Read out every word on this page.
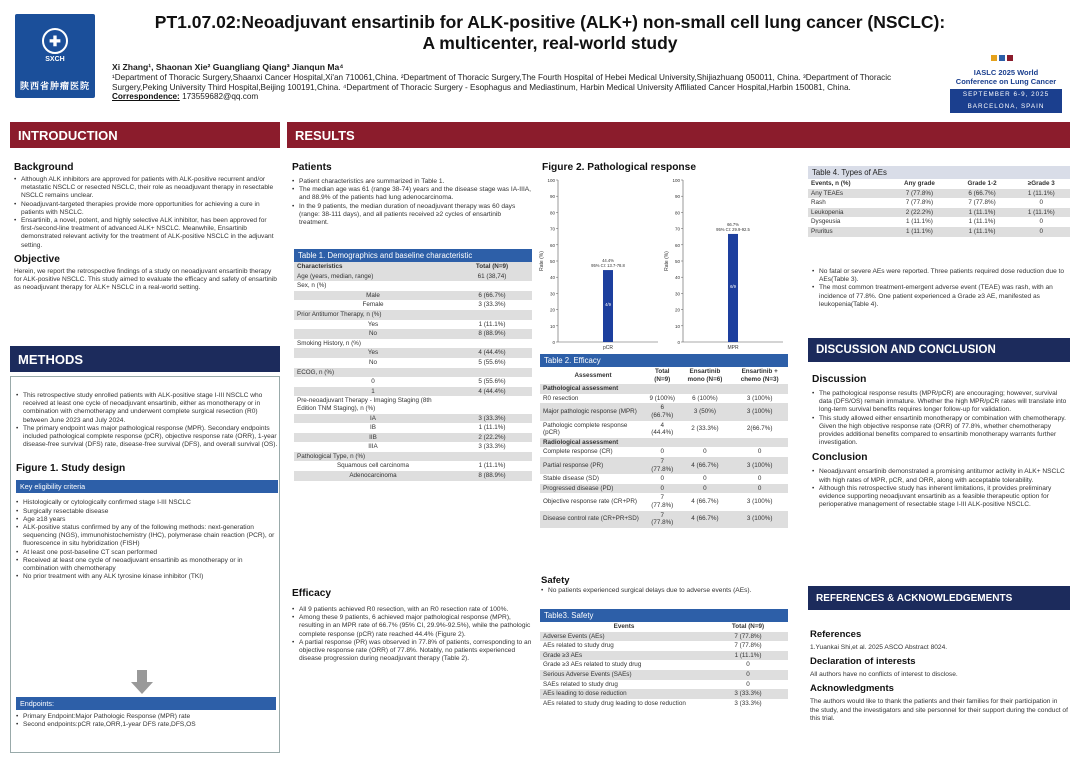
✚
SXCH
陕西省肿瘤医院
PT1.07.02:Neoadjuvant ensartinib for ALK-positive (ALK+) non-small cell lung cancer (NSCLC): A multicenter, real-world study
Xi Zhang¹, Shaonan Xie² Guangliang Qiang³ Jianqun Ma⁴
¹Department of Thoracic Surgery,Shaanxi Cancer Hospital,Xi'an 710061,China. ²Department of Thoracic Surgery,The Fourth Hospital of Hebei Medical University,Shijiazhuang 050011, China. ³Department of Thoracic Surgery,Peking University Third Hospital,Beijing 100191,China. ⁴Department of Thoracic Surgery - Esophagus and Mediastinum, Harbin Medical University Affiliated Cancer Hospital,Harbin 150081, China.
Correspondence: 173559682@qq.com
IASLC 2025 World
Conference on Lung Cancer
SEPTEMBER 6-9, 2025
BARCELONA, SPAIN
INTRODUCTION
Background
• Although ALK inhibitors are approved for patients with ALK-positive recurrent and/or metastatic NSCLC or resected NSCLC, their role as neoadjuvant therapy in resectable NSCLC remains unclear.
• Neoadjuvant-targeted therapies provide more opportunities for achieving a cure in patients with NSCLC.
• Ensartinib, a novel, potent, and highly selective ALK inhibitor, has been approved for first-/second-line treatment of advanced ALK+ NSCLC. Meanwhile, Ensartinib demonstrated relevant activity for the treatment of ALK-positive NSCLC in the adjuvant setting.
Objective
Herein, we report the retrospective findings of a study on neoadjuvant ensartinib therapy for ALK-positive NSCLC. This study aimed to evaluate the efficacy and safety of ensartinib as neoadjuvant therapy for ALK+ NSCLC in a real-world setting.
METHODS
• This retrospective study enrolled patients with ALK-positive stage I-III NSCLC who received at least one cycle of neoadjuvant ensartinib, either as monotherapy or in combination with chemotherapy and underwent complete surgical resection (R0) between June 2023 and July 2024.
• The primary endpoint was major pathological response (MPR). Secondary endpoints included pathological complete response (pCR), objective response rate (ORR), 1-year disease-free survival (DFS) rate, disease-free survival (DFS), and overall survival (OS).
Figure 1. Study design
Key eligibility criteria
• Histologically or cytologically confirmed stage I-III NSCLC
• Surgically resectable disease
• Age ≥18 years
• ALK-positive status confirmed by any of the following methods: next-generation sequencing (NGS), immunohistochemistry (IHC), polymerase chain reaction (PCR), or fluorescence in situ hybridization (FISH)
• At least one post-baseline CT scan performed
• Received at least one cycle of neoadjuvant ensartinib as monotherapy or in combination with chemotherapy
• No prior treatment with any ALK tyrosine kinase inhibitor (TKI)
Endpoints:
• Primary Endpoint:Major Pathologic Response (MPR) rate
• Second endpoints:pCR rate,ORR,1-year DFS rate,DFS,OS
RESULTS
Patients
• Patient characteristics are summarized in Table 1.
• The median age was 61 (range 38-74) years and the disease stage was IA-IIIA, and 88.9% of the patients had lung adenocarcinoma.
• In the 9 patients, the median duration of neoadjuvant therapy was 60 days (range: 38-111 days), and all patients received ≥2 cycles of ensartinib treatment.
Table 1. Demographics and baseline characteristic
Characteristics	Total (N=9)
Age (years, median, range)	61 (38,74)
Sex, n (%)	
Male	6 (66.7%)
Female	3 (33.3%)
Prior Antitumor Therapy, n (%)	
Yes	1 (11.1%)
No	8 (88.9%)
Smoking History, n (%)	
Yes	4 (44.4%)
No	5 (55.6%)
ECOG, n (%)	
0	5 (55.6%)
1	4 (44.4%)
Pre-neoadjuvant Therapy - Imaging Staging (8th Edition TNM Staging), n (%)	
IA	3 (33.3%)
IB	1 (11.1%)
IIB	2 (22.2%)
IIIA	3 (33.3%)
Pathological Type, n (%)	
Squamous cell carcinoma	1 (11.1%)
Adenocarcinoma	8 (88.9%)
Efficacy
• All 9 patients achieved R0 resection, with an R0 resection rate of 100%.
• Among these 9 patients, 6 achieved major pathological response (MPR), resulting in an MPR rate of 66.7% (95% CI, 29.9%-92.5%), while the pathologic complete response (pCR) rate reached 44.4% (Figure 2).
• A partial response (PR) was observed in 77.8% of patients, corresponding to an objective response rate (ORR) of 77.8%. Notably, no patients experienced disease progression during neoadjuvant therapy (Table 2).
Figure 2. Pathological response
0
10
20
30
40
50
60
70
80
90
100
Rate (%)	44.4%
95% CI: 13.7-78.8
4/9
pCR
0
10
20
30
40
50
60
70
80
90
100
Rate (%)
66.7%
95% CI: 29.9-92.5
6/9
MPR
Table 2. Efficacy
Assessment	Total (N=9)	Ensartinib mono (N=6)	Ensartinib + chemo (N=3)
Pathological assessment			
R0 resection	9 (100%)	6 (100%)	3 (100%)
Major pathologic response (MPR)	6 (66.7%)	3 (50%)	3 (100%)
Pathologic complete response (pCR)	4 (44.4%)	2 (33.3%)	2(66.7%)
Radiological assessment			
Complete response (CR)	0	0	0
Partial response (PR)	7 (77.8%)	4 (66.7%)	3 (100%)
Stable disease (SD)	0	0	0
Progressed disease (PD)	0	0	0
Objective response rate (CR+PR)	7 (77.8%)	4 (66.7%)	3 (100%)
Disease control rate (CR+PR+SD)	7 (77.8%)	4 (66.7%)	3 (100%)
Safety
• No patients experienced surgical delays due to adverse events (AEs).
Table3. Safety
Events	Total (N=9)
Adverse Events (AEs)	7 (77.8%)
AEs related to study drug	7 (77.8%)
Grade ≥3 AEs	1 (11.1%)
Grade ≥3 AEs related to study drug	0
Serious Adverse Events (SAEs)	0
SAEs related to study drug	0
AEs leading to dose reduction	3 (33.3%)
AEs related to study drug leading to dose reduction	3 (33.3%)
Table 4. Types of AEs
Events, n (%)	Any grade	Grade 1-2	≥Grade 3
Any TEAEs	7 (77.8%)	6 (66.7%)	1 (11.1%)
Rash	7 (77.8%)	7 (77.8%)	0
Leukopenia	2 (22.2%)	1 (11.1%)	1 (11.1%)
Dysgeusia	1 (11.1%)	1 (11.1%)	0
Pruritus	1 (11.1%)	1 (11.1%)	0
• No fatal or severe AEs were reported. Three patients required dose reduction due to AEs(Table 3).
• The most common treatment-emergent adverse event (TEAE) was rash, with an incidence of 77.8%. One patient experienced a Grade ≥3 AE, manifested as leukopenia(Table 4).
DISCUSSION AND CONCLUSION
Discussion
• The pathological response results (MPR/pCR) are encouraging; however, survival data (DFS/OS) remain immature. Whether the high MPR/pCR rates will translate into long-term survival benefits requires longer follow-up for validation.
• This study allowed either ensartinib monotherapy or combination with chemotherapy. Given the high objective response rate (ORR) of 77.8%, whether chemotherapy provides additional benefits compared to ensartinib monotherapy warrants further investigation.
Conclusion
• Neoadjuvant ensartinib demonstrated a promising antitumor activity in ALK+ NSCLC with high rates of MPR, pCR, and ORR, along with acceptable tolerability.
• Although this retrospective study has inherent limitations, it provides preliminary evidence supporting neoadjuvant ensartinib as a feasible therapeutic option for perioperative management of resectable stage I-III ALK-positive NSCLC.
REFERENCES & ACKNOWLEDGEMENTS
References
1.Yuankai Shi,et al. 2025 ASCO Abstract 8024.
Declaration of interests
All authors have no conflicts of interest to disclose.
Acknowledgments
The authors would like to thank the patients and their families for their participation in the study, and the investigators and site personnel for their support during the conduct of this trial.
